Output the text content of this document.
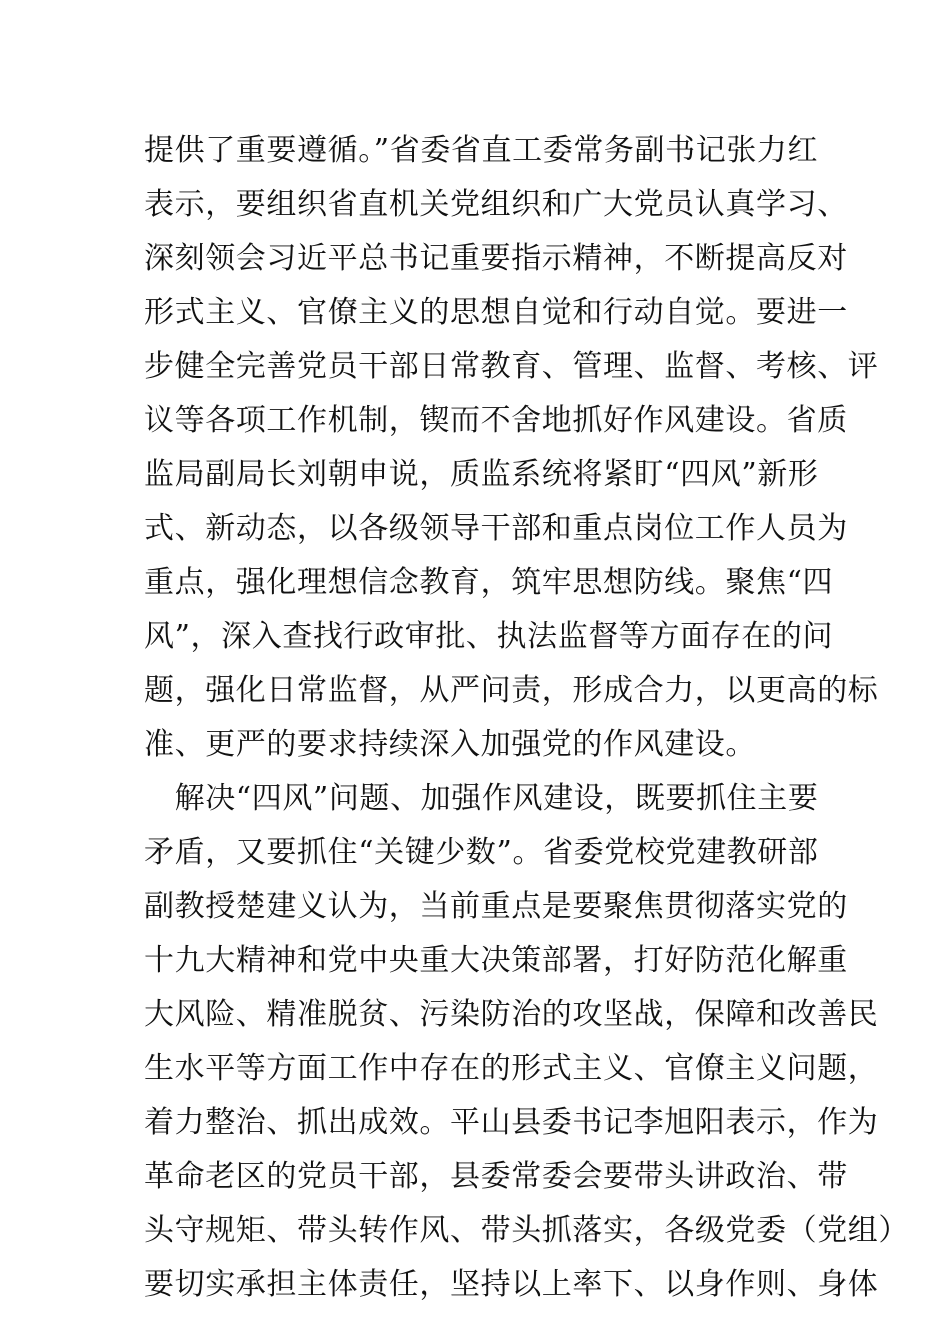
提供了重要遵循。”省委省直工委常务副书记张力红
表示，要组织省直机关党组织和广大党员认真学习、
深刻领会习近平总书记重要指示精神，不断提高反对
形式主义、官僚主义的思想自觉和行动自觉。要进一
步健全完善党员干部日常教育、管理、监督、考核、评
议等各项工作机制，锲而不舍地抓好作风建设。省质
监局副局长刘朝申说，质监系统将紧盯“四风”新形
式、新动态，以各级领导干部和重点岗位工作人员为
重点，强化理想信念教育，筑牢思想防线。聚焦“四
风”，深入查找行政审批、执法监督等方面存在的问
题，强化日常监督，从严问责，形成合力，以更高的标
准、更严的要求持续深入加强党的作风建设。
　解决“四风”问题、加强作风建设，既要抓住主要
矛盾，又要抓住“关键少数”。省委党校党建教研部
副教授楚建义认为，当前重点是要聚焦贯彻落实党的
十九大精神和党中央重大决策部署，打好防范化解重
大风险、精准脱贫、污染防治的攻坚战，保障和改善民
生水平等方面工作中存在的形式主义、官僚主义问题，
着力整治、抓出成效。平山县委书记李旭阳表示，作为
革命老区的党员干部，县委常委会要带头讲政治、带
头守规矩、带头转作风、带头抓落实，各级党委（党组）
要切实承担主体责任，坚持以上率下、以身作则、身体
